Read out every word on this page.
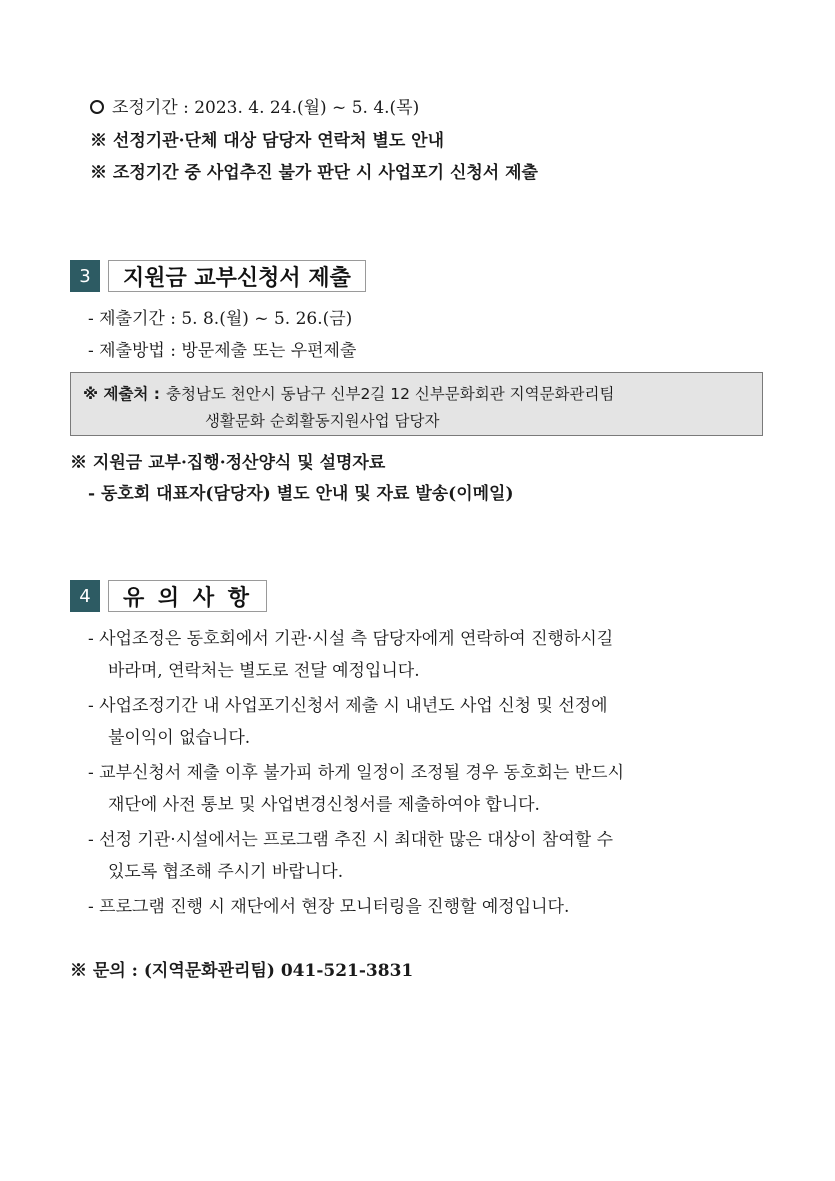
조정기간 : 2023. 4. 24.(월) ~ 5. 4.(목)
※ 선정기관·단체 대상 담당자 연락처 별도 안내
※ 조정기간 중 사업추진 불가 판단 시 사업포기 신청서 제출
3	지원금 교부신청서 제출
- 제출기간 : 5. 8.(월) ~ 5. 26.(금)
- 제출방법 : 방문제출 또는 우편제출
※ 제출처 : 충청남도 천안시 동남구 신부2길 12 신부문화회관 지역문화관리팀
생활문화 순회활동지원사업 담당자
※ 지원금 교부·집행·정산양식 및 설명자료
- 동호회 대표자(담당자) 별도 안내 및 자료 발송(이메일)
4	유 의 사 항
- 사업조정은 동호회에서 기관·시설 측 담당자에게 연락하여 진행하시길
바라며, 연락처는 별도로 전달 예정입니다.
- 사업조정기간 내 사업포기신청서 제출 시 내년도 사업 신청 및 선정에
불이익이 없습니다.
- 교부신청서 제출 이후 불가피 하게 일정이 조정될 경우 동호회는 반드시
재단에 사전 통보 및 사업변경신청서를 제출하여야 합니다.
- 선정 기관·시설에서는 프로그램 추진 시 최대한 많은 대상이 참여할 수
있도록 협조해 주시기 바랍니다.
- 프로그램 진행 시 재단에서 현장 모니터링을 진행할 예정입니다.
※ 문의 : (지역문화관리팀) 041-521-3831
